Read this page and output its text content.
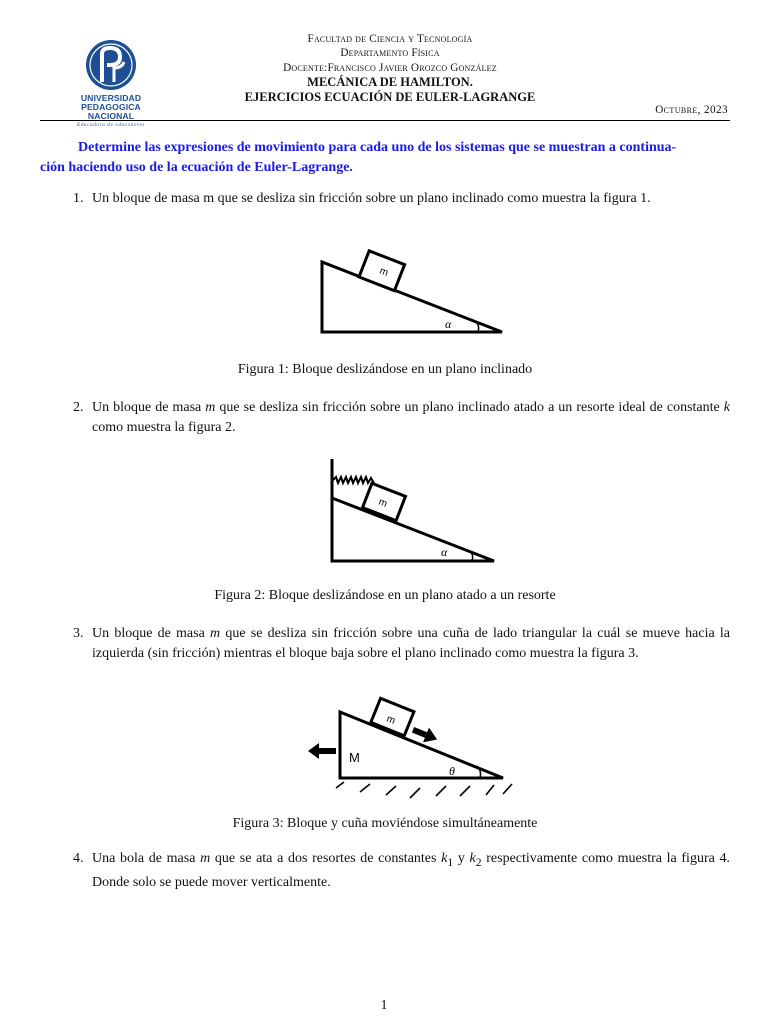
UNIVERSIDAD PEDAGOGICA
NACIONAL
Educadora de educadores
Facultad de Ciencia y Tecnología
Departamento Física
Docente:Francisco Javier Orozco González
MECÁNICA DE HAMILTON.
EJERCICIOS ECUACIÓN DE EULER-LAGRANGE
Octubre, 2023
Determine las expresiones de movimiento para cada uno de los sistemas que se muestran a continua-
ción haciendo uso de la ecuación de Euler-Lagrange.
1. Un bloque de masa m que se desliza sin fricción sobre un plano inclinado como muestra la figura 1.
m
α
Figura 1: Bloque deslizándose en un plano inclinado
2. Un bloque de masa m que se desliza sin fricción sobre un plano inclinado atado a un resorte ideal de constante k como muestra la figura 2.
m
α
Figura 2: Bloque deslizándose en un plano atado a un resorte
3. Un bloque de masa m que se desliza sin fricción sobre una cuña de lado triangular la cuál se mueve hacia la izquierda (sin fricción) mientras el bloque baja sobre el plano inclinado como muestra la figura 3.
m
M
θ
Figura 3: Bloque y cuña moviéndose simultáneamente
4. Una bola de masa m que se ata a dos resortes de constantes $k_1$ y $k_2$ respectivamente como muestra la figura 4. Donde solo se puede mover verticalmente.
1
